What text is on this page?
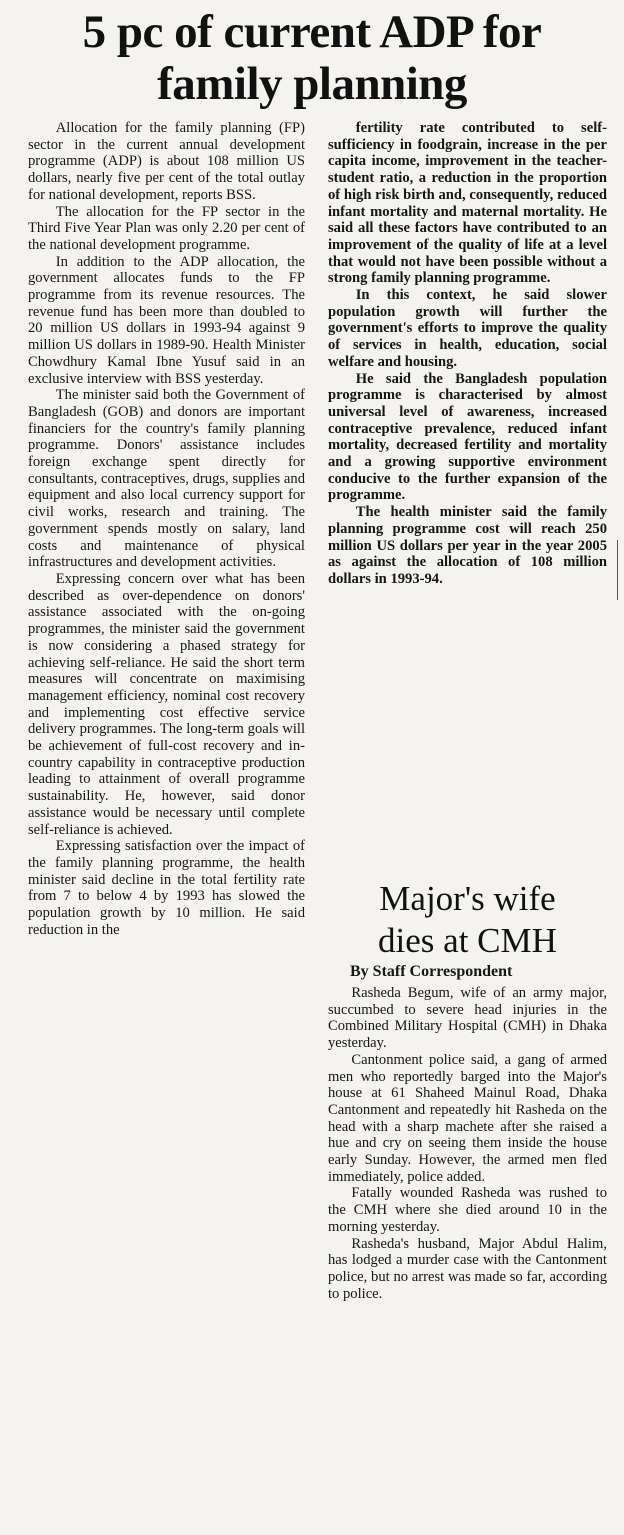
5 pc of current ADP for
family planning

Allocation for the family planning (FP) sector in the current annual development programme (ADP) is about 108 million US dollars, nearly five per cent of the total outlay for national development, reports BSS.

The allocation for the FP sector in the Third Five Year Plan was only 2.20 per cent of the national development programme.

In addition to the ADP allocation, the government allocates funds to the FP programme from its revenue resources. The revenue fund has been more than doubled to 20 million US dollars in 1993-94 against 9 million US dollars in 1989-90. Health Minister Chowdhury Kamal Ibne Yusuf said in an exclusive interview with BSS yesterday.

The minister said both the Government of Bangladesh (GOB) and donors are important financiers for the country's family planning programme. Donors' assistance includes foreign exchange spent directly for consultants, contraceptives, drugs, supplies and equipment and also local currency support for civil works, research and training. The government spends mostly on salary, land costs and maintenance of physical infrastructures and development activities.

Expressing concern over what has been described as over-dependence on donors' assistance associated with the on-going programmes, the minister said the government is now considering a phased strategy for achieving self-reliance. He said the short term measures will concentrate on maximising management efficiency, nominal cost recovery and implementing cost effective service delivery programmes. The long-term goals will be achievement of full-cost recovery and in-country capability in contraceptive production leading to attainment of overall programme sustainability. He, however, said donor assistance would be necessary until complete self-reliance is achieved.

Expressing satisfaction over the impact of the family planning programme, the health minister said decline in the total fertility rate from 7 to below 4 by 1993 has slowed the population growth by 10 million. He said reduction in the

fertility rate contributed to self-sufficiency in foodgrain, increase in the per capita income, improvement in the teacher-student ratio, a reduction in the proportion of high risk birth and, consequently, reduced infant mortality and maternal mortality. He said all these factors have contributed to an improvement of the quality of life at a level that would not have been possible without a strong family planning programme.

In this context, he said slower population growth will further the government's efforts to improve the quality of services in health, education, social welfare and housing.

He said the Bangladesh population programme is characterised by almost universal level of awareness, increased contraceptive prevalence, reduced infant mortality, decreased fertility and mortality and a growing supportive environment conducive to the further expansion of the programme.

The health minister said the family planning programme cost will reach 250 million US dollars per year in the year 2005 as against the allocation of 108 million dollars in 1993-94.

Major's wife
dies at CMH
By Staff Correspondent

Rasheda Begum, wife of an army major, succumbed to severe head injuries in the Combined Military Hospital (CMH) in Dhaka yesterday.

Cantonment police said, a gang of armed men who reportedly barged into the Major's house at 61 Shaheed Mainul Road, Dhaka Cantonment and repeatedly hit Rasheda on the head with a sharp machete after she raised a hue and cry on seeing them inside the house early Sunday. However, the armed men fled immediately, police added.

Fatally wounded Rasheda was rushed to the CMH where she died around 10 in the morning yesterday.

Rasheda's husband, Major Abdul Halim, has lodged a murder case with the Cantonment police, but no arrest was made so far, according to police.
